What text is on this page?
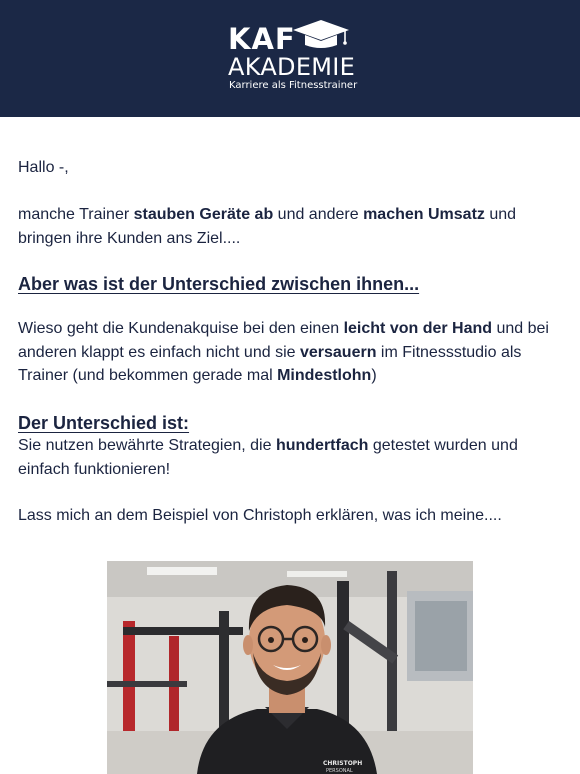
KAF
AKADEMIE
Karriere als Fitnesstrainer

Hallo -,

manche Trainer stauben Geräte ab und andere machen Umsatz und bringen ihre Kunden ans Ziel....

Aber was ist der Unterschied zwischen ihnen...

Wieso geht die Kundenakquise bei den einen leicht von der Hand und bei anderen klappt es einfach nicht und sie versauern im Fitnessstudio als Trainer (und bekommen gerade mal Mindestlohn)

Der Unterschied ist:

Sie nutzen bewährte Strategien, die hundertfach getestet wurden und einfach funktionieren!

Lass mich an dem Beispiel von Christoph erklären, was ich meine....

CHRISTOPH
PERSONAL
